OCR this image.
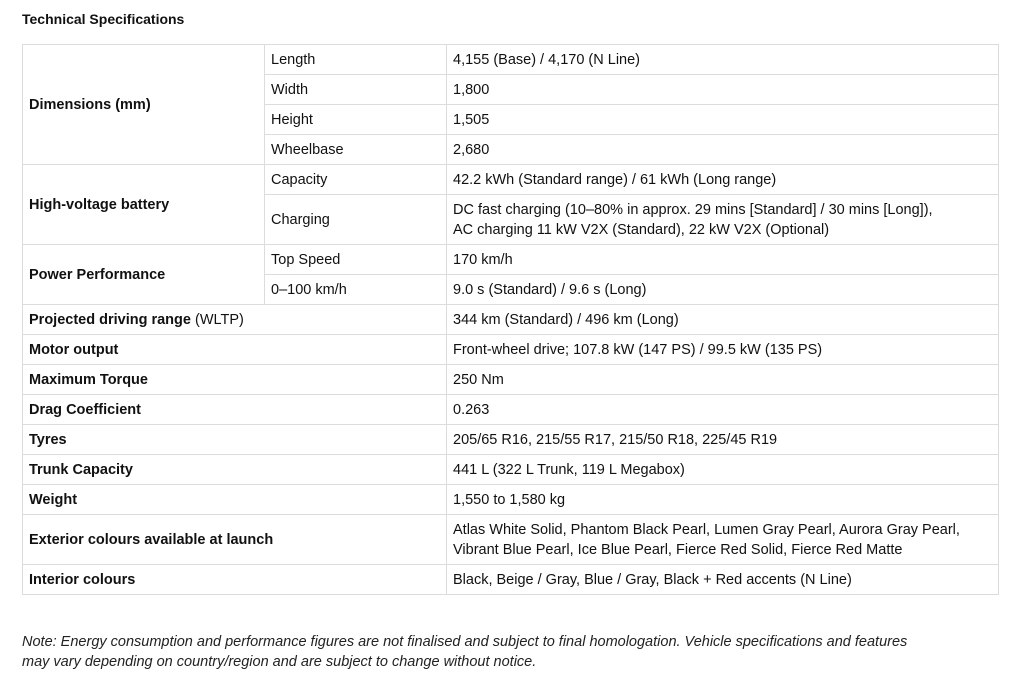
Technical Specifications
Dimensions (mm)	Length	4,155 (Base) / 4,170 (N Line)
	Width	1,800
	Height	1,505
	Wheelbase	2,680
High-voltage battery	Capacity	42.2 kWh (Standard range) / 61 kWh (Long range)
	Charging	DC fast charging (10–80% in approx. 29 mins [Standard] / 30 mins [Long]),
AC charging 11 kW V2X (Standard), 22 kW V2X (Optional)

Power Performance	Top Speed	170 km/h
	0–100 km/h	9.0 s (Standard) / 9.6 s (Long)
Projected driving range (WLTP)		344 km (Standard) / 496 km (Long)
Motor output		Front-wheel drive; 107.8 kW (147 PS) / 99.5 kW (135 PS)
Maximum Torque		250 Nm
Drag Coefficient		0.263
Tyres		205/65 R16, 215/55 R17, 215/50 R18, 225/45 R19
Trunk Capacity		441 L (322 L Trunk, 119 L Megabox)
Weight		1,550 to 1,580 kg
Exterior colours available at launch		Atlas White Solid, Phantom Black Pearl, Lumen Gray Pearl, Aurora Gray Pearl,
Vibrant Blue Pearl, Ice Blue Pearl, Fierce Red Solid, Fierce Red Matte

Interior colours		Black, Beige / Gray, Blue / Gray, Black + Red accents (N Line)
Note: Energy consumption and performance figures are not finalised and subject to final homologation. Vehicle specifications and features
may vary depending on country/region and are subject to change without notice.
